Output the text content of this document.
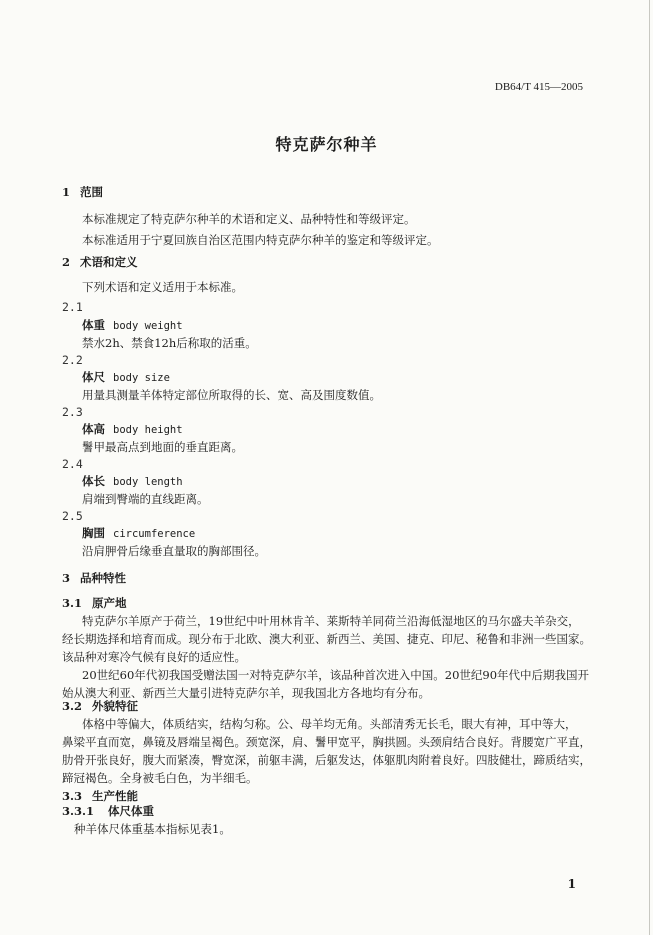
DB64/T 415—2005
特克萨尔种羊
1 范围
本标准规定了特克萨尔种羊的术语和定义、品种特性和等级评定。
本标准适用于宁夏回族自治区范围内特克萨尔种羊的鉴定和等级评定。
2 术语和定义
下列术语和定义适用于本标准。
2.1
体重 body weight
禁水2h、禁食12h后称取的活重。
2.2
体尺 body size
用量具测量羊体特定部位所取得的长、宽、高及围度数值。
2.3
体高 body height
鬐甲最高点到地面的垂直距离。
2.4
体长 body length
肩端到臀端的直线距离。
2.5
胸围 circumference
沿肩胛骨后缘垂直量取的胸部围径。
3 品种特性
3.1 原产地
特克萨尔羊原产于荷兰，19世纪中叶用林肯羊、莱斯特羊同荷兰沿海低湿地区的马尔盛夫羊杂交，
经长期选择和培育而成。现分布于北欧、澳大利亚、新西兰、美国、捷克、印尼、秘鲁和非洲一些国家。
该品种对寒冷气候有良好的适应性。
20世纪60年代初我国受赠法国一对特克萨尔羊，该品种首次进入中国。20世纪90年代中后期我国开
始从澳大利亚、新西兰大量引进特克萨尔羊，现我国北方各地均有分布。
3.2 外貌特征
体格中等偏大，体质结实，结构匀称。公、母羊均无角。头部清秀无长毛，眼大有神，耳中等大，
鼻梁平直而宽，鼻镜及唇端呈褐色。颈宽深，肩、鬐甲宽平，胸拱圆。头颈肩结合良好。背腰宽广平直，
肋骨开张良好，腹大而紧凑，臀宽深，前躯丰满，后躯发达，体躯肌肉附着良好。四肢健壮，蹄质结实，
蹄冠褐色。全身被毛白色，为半细毛。
3.3 生产性能
3.3.1 体尺体重
种羊体尺体重基本指标见表1。
1
